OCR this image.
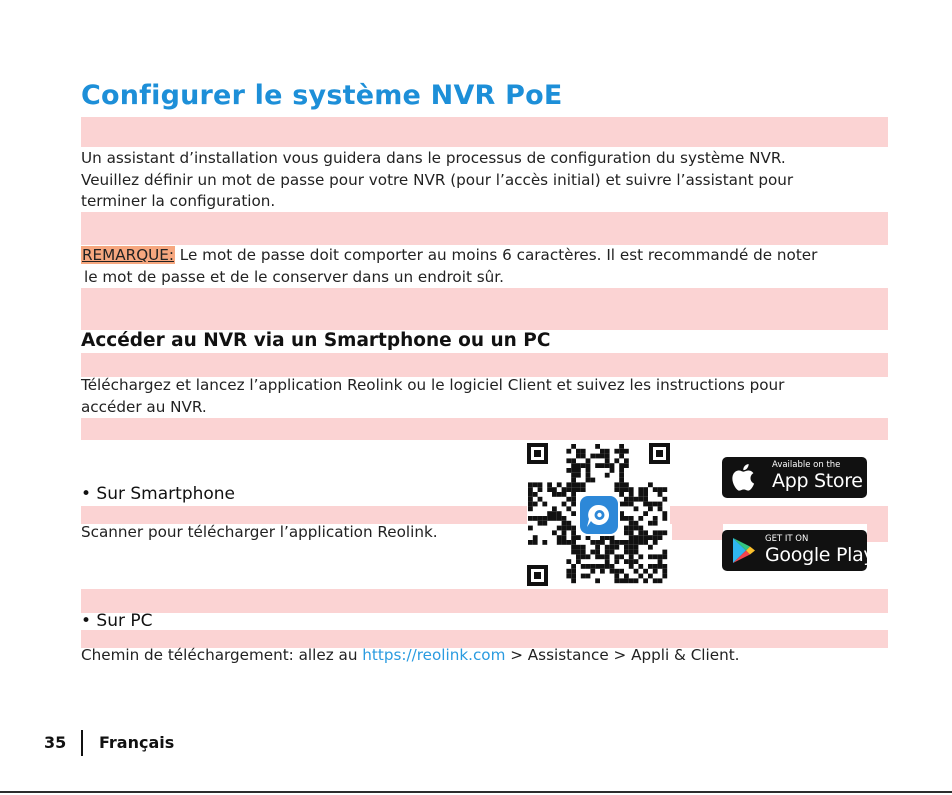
Configurer le système NVR PoE
Un assistant d’installation vous guidera dans le processus de configuration du système NVR.
Veuillez définir un mot de passe pour votre NVR (pour l’accès initial) et suivre l’assistant pour
terminer la configuration.
REMARQUE: Le mot de passe doit comporter au moins 6 caractères. Il est recommandé de noter
le mot de passe et de le conserver dans un endroit sûr.
Accéder au NVR via un Smartphone ou un PC
Téléchargez et lancez l’application Reolink ou le logiciel Client et suivez les instructions pour
accéder au NVR.
• Sur Smartphone
Scanner pour télécharger l’application Reolink.
Available on the
App Store
GET IT ON
Google Play
• Sur PC
Chemin de téléchargement: allez au https://reolink.com > Assistance > Appli & Client.
35 Français
